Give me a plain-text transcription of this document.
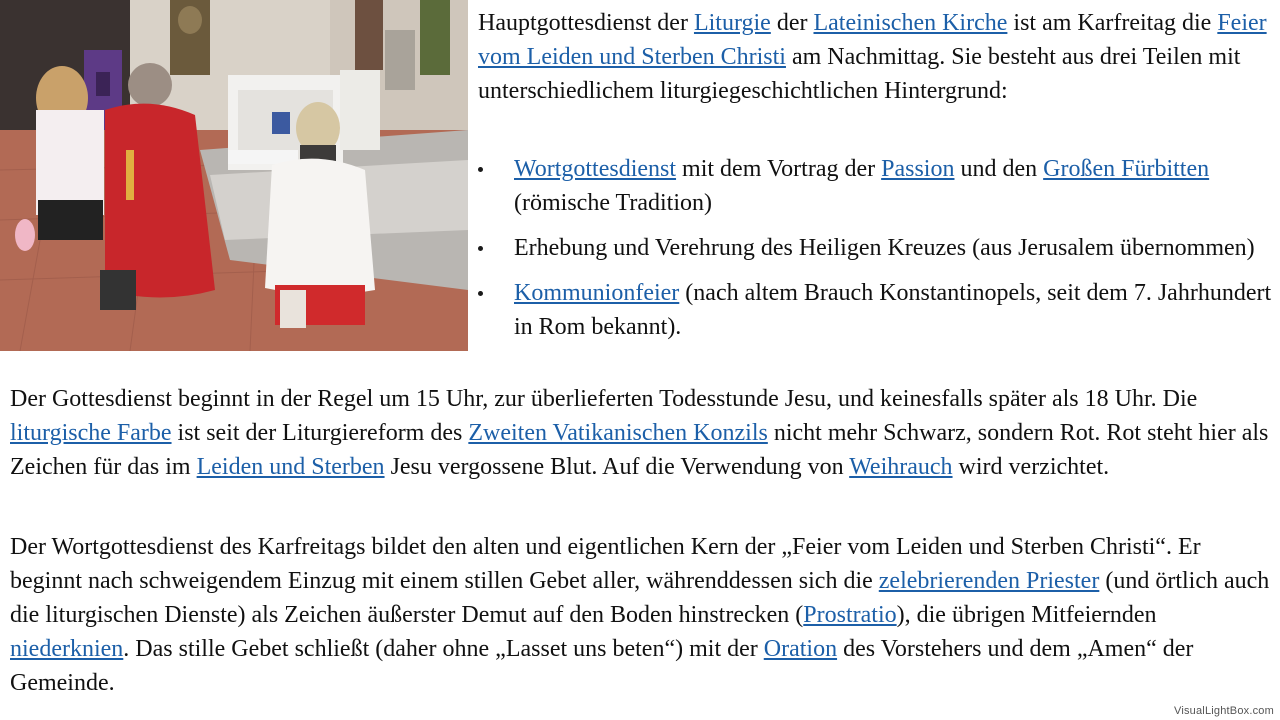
Hauptgottesdienst der Liturgie der Lateinischen Kirche ist am Karfreitag die Feier vom Leiden und Sterben Christi am Nachmittag. Sie besteht aus drei Teilen mit unterschiedlichem liturgiegeschichtlichen Hintergrund:

Wortgottesdienst mit dem Vortrag der Passion und den Großen Fürbitten (römische Tradition)
Erhebung und Verehrung des Heiligen Kreuzes (aus Jerusalem übernommen)
Kommunionfeier (nach altem Brauch Konstantinopels, seit dem 7. Jahrhundert in Rom bekannt).

Der Gottesdienst beginnt in der Regel um 15 Uhr, zur überlieferten Todesstunde Jesu, und keinesfalls später als 18 Uhr. Die liturgische Farbe ist seit der Liturgiereform des Zweiten Vatikanischen Konzils nicht mehr Schwarz, sondern Rot. Rot steht hier als Zeichen für das im Leiden und Sterben Jesu vergossene Blut. Auf die Verwendung von Weihrauch wird verzichtet.

Der Wortgottesdienst des Karfreitags bildet den alten und eigentlichen Kern der „Feier vom Leiden und Sterben Christi“. Er beginnt nach schweigendem Einzug mit einem stillen Gebet aller, währenddessen sich die zelebrierenden Priester (und örtlich auch die liturgischen Dienste) als Zeichen äußerster Demut auf den Boden hinstrecken (Prostratio), die übrigen Mitfeiernden niederknien. Das stille Gebet schließt (daher ohne „Lasset uns beten“) mit der Oration des Vorstehers und dem „Amen“ der Gemeinde.

VisualLightBox.com
